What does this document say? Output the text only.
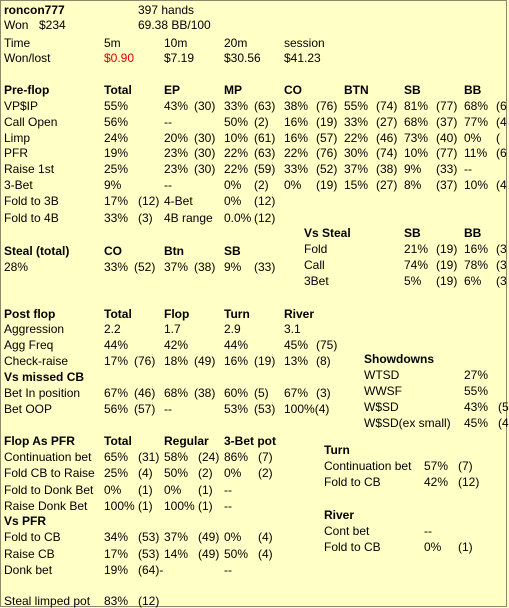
roncon777	397 hands
Won $234	69.38 BB/100
Time	5m	10m	20m	session
Won/lost	$0.90 $7.19 $30.56 $41.23
Pre-flop	Total	EP	MP	CO	BTN	SB	BB
VP$IP	55%	43% (30) 33% (63) 38% (76) 55% (74) 81% (77) 68% (6
Call Open	56%	--	50% (2) 16% (19) 33% (27) 68% (37) 77% (4
Limp	24%	20% (30) 10% (61) 16% (57) 22% (46) 73% (40) 0% (
PFR	19%	23% (30) 22% (63) 22% (76) 30% (74) 10% (77) 11% (6
Raise 1st	25%	23% (30) 22% (59) 33% (52) 37% (38) 9% (33) --
3-Bet	9%	--	0% (2) 0% (19) 15% (27) 8% (37) 10% (4
Fold to 3B	17% (12) 4-Bet	0% (12)
Fold to 4B	33% (3) 4B range 0.0% (12)
Vs Steal	SB	BB
Fold	21% (19) 16% (3
Call	74% (19) 78% (3
3Bet	5% (19) 6% (3
Steal (total)	CO	Btn	SB
28%	33% (52) 37% (38) 9% (33)
Post flop	Total	Flop	Turn	River
Aggression	2.2	1.7	2.9	3.1
Agg Freq	44%	42%	44%	45% (75)
Check-raise	17% (76) 18% (49) 16% (19) 13% (8)
Vs missed CB
Bet In position 67% (46) 68% (38) 60% (5) 67% (3)
Bet OOP	56% (57) --	53% (53) 100%(4)
Showdowns
WTSD	27%
WWSF	55%
W$SD	43% (5
W$SD(ex small) 45% (4
Flop As PFR Total	Regular 3-Bet pot
Continuation bet 65% (31) 58% (24) 86% (7)
Fold CB to Raise 25% (4) 50% (2) 0% (2)
Fold to Donk Bet 0% (1) 0% (1) --
Raise Donk Bet 100% (1) 100% (1) --
Vs PFR
Fold to CB	34% (53) 37% (49) 0% (4)
Raise CB	17% (53) 14% (49) 50% (4)
Donk bet	19% (64)-	--
Steal limped pot 83% (12)
Turn
Continuation bet 57% (7)
Fold to CB	42% (12)
River
Cont bet	--
Fold to CB	0% (1)
